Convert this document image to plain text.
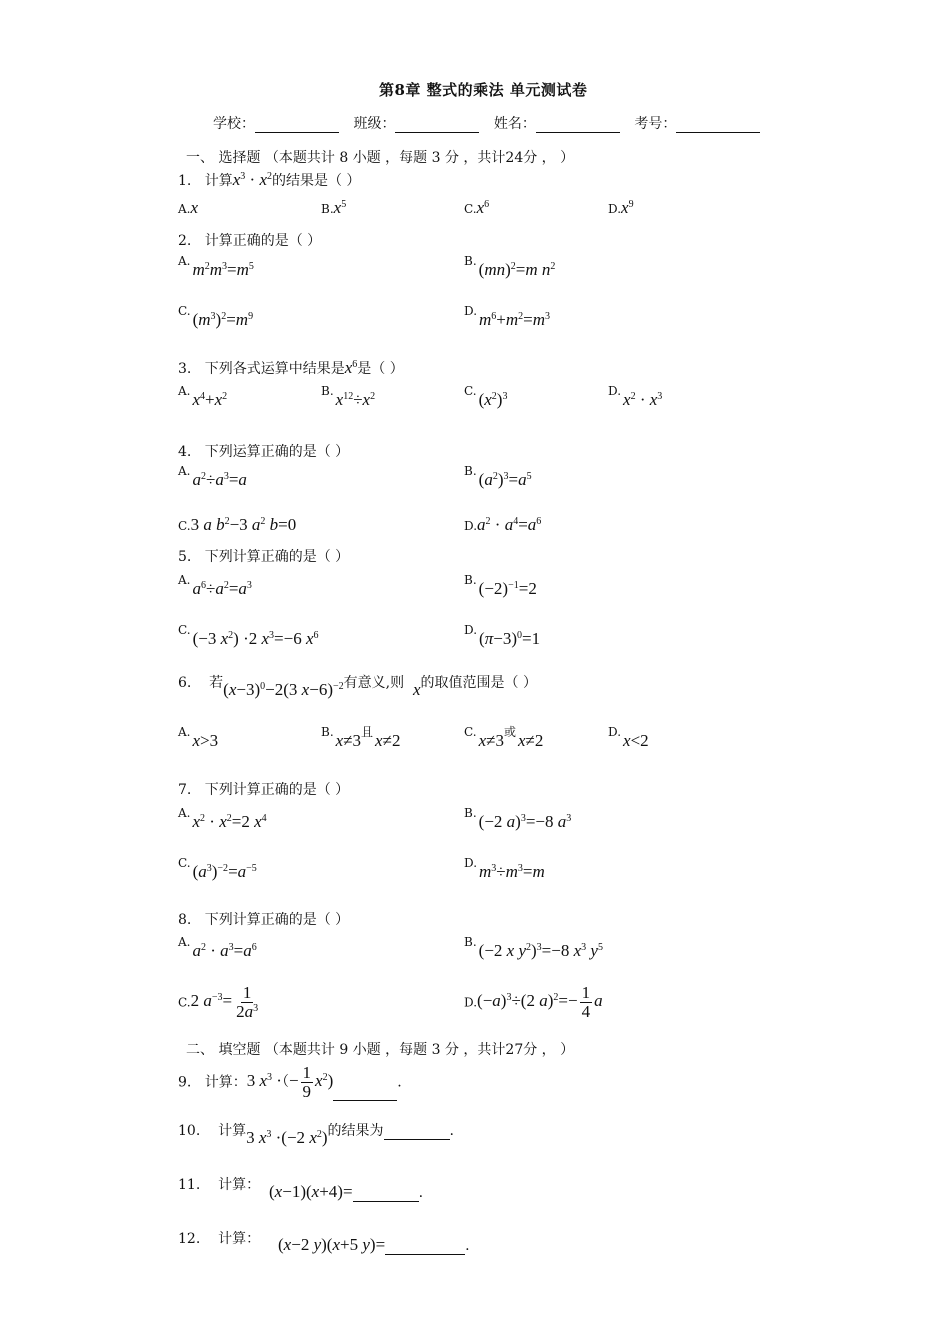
第8章 整式的乘法 单元测试卷
学校：	班级：	姓名：	考号：
一、 选择题 （本题共计 8 小题 ，每题 3 分 ，共计24分 ， ）
1. 计算$x^3 \cdot x^2$的结果是（ ）
A.x	$B.x^5$	$C.x^6$	$D.x^9$
2. 计算正确的是（ ）
A. $m^2m^3=m^5$	B. (mn)$^2$=m $n^2$
C. $(m^3)^2=m^9$	D. $m^6+m^2=m^3$
3. 下列各式运算中结果是$x^6$是（ ）
A. $x^4+x^2$	B. $x^{12}\div x^2$	C. $(x^2)^3$	D. $x^2 \cdot x^3$
4. 下列运算正确的是（ ）
A. $a^2\div a^3=a$	B. $(a^2)^3=a^5$
C.3 a $b^2-3$ $a^2$ b=0	$D.a^2 \cdot a^4=a^6$
5. 下列计算正确的是（ ）
A. $a^6\div a^2=a^3$	B. $(-2)^{-1}=2$
C. (−3 $x^2) \cdot 2$ $x^3=-6$ $x^6$	D. $(\pi-3)^0=1$
6. 若$(x-3)^0-2(3$ x−6)$^{-2}$有意义,则 x的取值范围是（ ）
A. x>3	B. x≠3且 x≠2	C. x≠3或 x≠2	D. x<2
7. 下列计算正确的是（ ）
A. $x^2 \cdot x^2=2$ $x^4$	B. (−2 a)$^3$=−8 $a^3$
C. $(a^3)^{-2}=a^{-5}$	D. $m^3\div m^3=m$
8. 下列计算正确的是（ ）
A. $a^2 \cdot a^3=a^6$	B. (−2 x $y^2)^3=-8$ $x^3$ $y^5$
C.2 $a^{-3}= \frac{1}{2a^3}$	$D.(-a)^3\div(2$ $a)^2=- \frac{1}{4}$ a
二、 填空题 （本题共计 9 小题 ，每题 3 分 ，共计27分 ， ）
9. 计算：3 $x^3$ ·（− $\frac{1}{9} x^2$)	.
10. 计算3 $x^3 \cdot(-2$ $x^2$)的结果为	.
11. 计算： (x−1)(x+4)=	.
12. 计算： (x−2 y)(x+5 y)=	.
